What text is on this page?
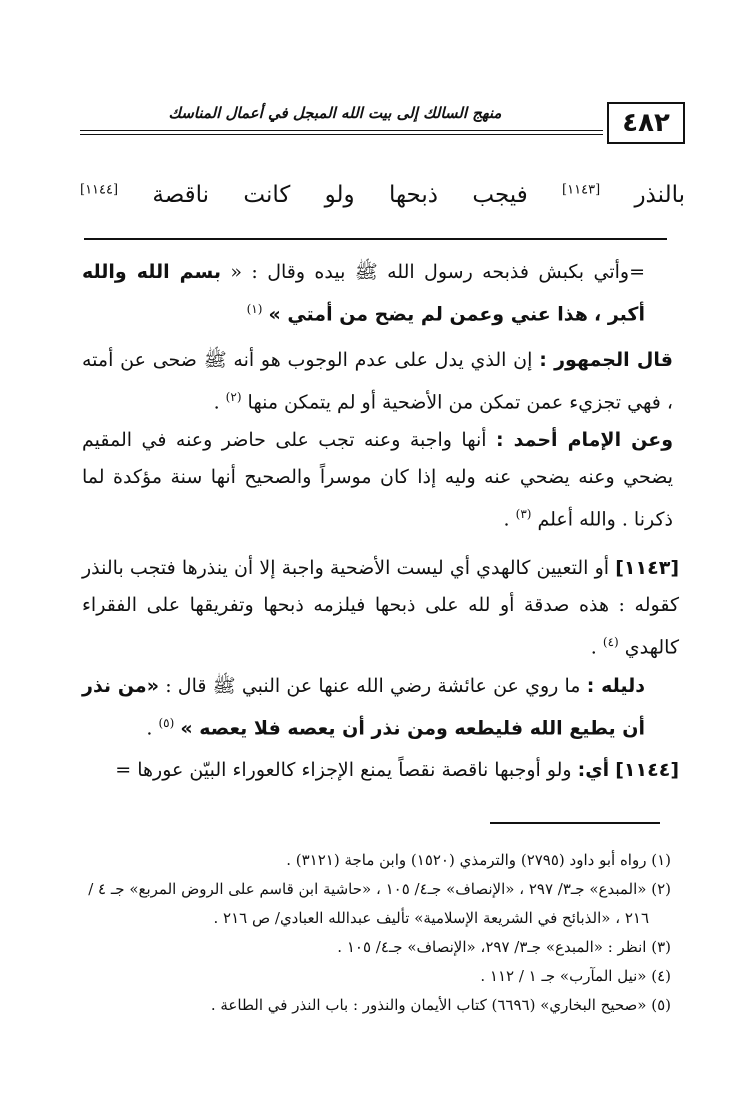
٤٨٢
منهج السالك إلى بيت الله المبجل في أعمال المناسك
بالنذر [١١٤٣] فيجب ذبحها ولو كانت ناقصة [١١٤٤]
=وأتي بكبش فذبحه رسول الله ﷺ بيده وقال : « بسم الله والله أكبر ، هذا عني وعمن لم يضح من أمتي » $^{(١)}$
قال الجمهور : إن الذي يدل على عدم الوجوب هو أنه ﷺ ضحى عن أمته ، فهي تجزيء عمن تمكن من الأضحية أو لم يتمكن منها $^{(٢)}$ .
وعن الإمام أحمد : أنها واجبة وعنه تجب على حاضر وعنه في المقيم يضحي وعنه يضحي عنه وليه إذا كان موسراً والصحيح أنها سنة مؤكدة لما ذكرنا . والله أعلم $^{(٣)}$ .
[١١٤٣] أو التعيين كالهدي أي ليست الأضحية واجبة إلا أن ينذرها فتجب بالنذر كقوله : هذه صدقة أو لله على ذبحها فيلزمه ذبحها وتفريقها على الفقراء كالهدي $^{(٤)}$ .
دليله : ما روي عن عائشة رضي الله عنها عن النبي ﷺ قال : «من نذر أن يطيع الله فليطعه ومن نذر أن يعصه فلا يعصه » $^{(٥)}$ .
[١١٤٤] أي: ولو أوجبها ناقصة نقصاً يمنع الإجزاء كالعوراء البيّن عورها =

(١) رواه أبو داود (٢٧٩٥) والترمذي (١٥٢٠) وابن ماجة (٣١٢١) .

(٢) «المبدع» جـ٣/ ٢٩٧ ، «الإنصاف» جـ٤/ ١٠٥ ، «حاشية ابن قاسم على الروض المربع» جـ ٤ /

٢١٦ ، «الذبائح في الشريعة الإسلامية» تأليف عبدالله العبادي/ ص ٢١٦ .

(٣) انظر : «المبدع» جـ٣/ ٢٩٧، «الإنصاف» جـ٤/ ١٠٥ .

(٤) «نيل المآرب» جـ ١ / ١١٢ .

(٥) «صحيح البخاري» (٦٦٩٦) كتاب الأيمان والنذور : باب النذر في الطاعة .
